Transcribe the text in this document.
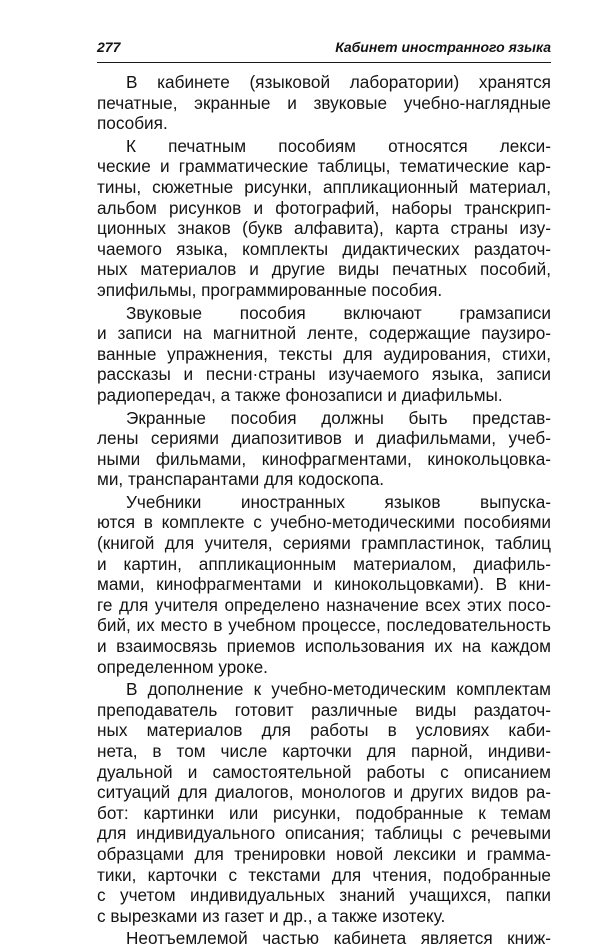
277	Кабинет иностранного языка

В кабинете (языковой лаборатории) хранятся
печатные, экранные и звуковые учебно-наглядные
пособия.

К печатным пособиям относятся лекси-
ческие и грамматические таблицы, тематические кар-
тины, сюжетные рисунки, аппликационный материал,
альбом рисунков и фотографий, наборы транскрип-
ционных знаков (букв алфавита), карта страны изу-
чаемого языка, комплекты дидактических раздаточ-
ных материалов и другие виды печатных пособий,
эпифильмы, программированные пособия.

Звуковые пособия включают грамзаписи
и записи на магнитной ленте, содержащие паузиро-
ванные упражнения, тексты для аудирования, стихи,
рассказы и песни·страны изучаемого языка, записи
радиопередач, а также фонозаписи и диафильмы.

Экранные пособия должны быть представ-
лены сериями диапозитивов и диафильмами, учеб-
ными фильмами, кинофрагментами, кинокольцовка-
ми, транспарантами для кодоскопа.

Учебники иностранных языков выпуска-
ются в комплекте с учебно-методическими пособиями
(книгой для учителя, сериями грампластинок, таблиц
и картин, аппликационным материалом, диафиль-
мами, кинофрагментами и кинокольцовками). В кни-
ге для учителя определено назначение всех этих посо-
бий, их место в учебном процессе, последовательность
и взаимосвязь приемов использования их на каждом
определенном уроке.

В дополнение к учебно-методическим комплектам
преподаватель готовит различные виды раздаточ-
ных материалов для работы в условиях каби-
нета, в том числе карточки для парной, индиви-
дуальной и самостоятельной работы с описанием
ситуаций для диалогов, монологов и других видов ра-
бот: картинки или рисунки, подобранные к темам
для индивидуального описания; таблицы с речевыми
образцами для тренировки новой лексики и грамма-
тики, карточки с текстами для чтения, подобранные
с учетом индивидуальных знаний учащихся, папки
с вырезками из газет и др., а также изотеку.

Неотъемлемой частью кабинета является книж-
